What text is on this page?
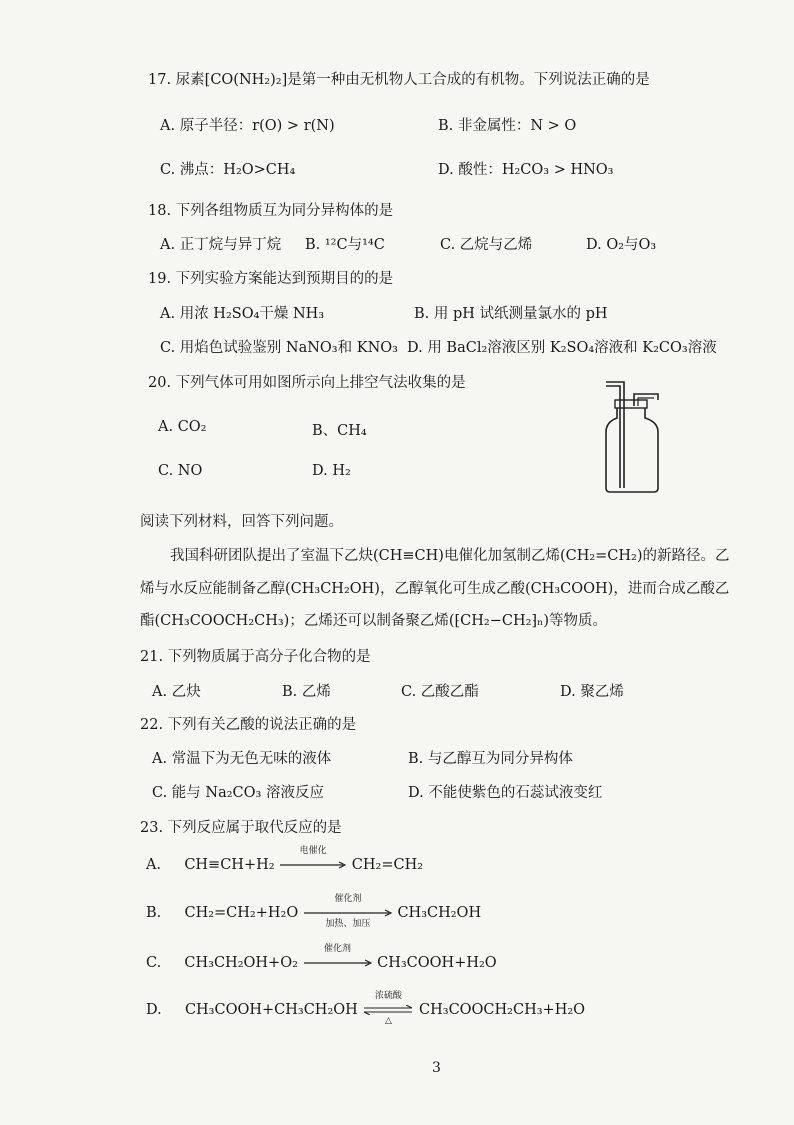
17. 尿素[CO(NH₂)₂]是第一种由无机物人工合成的有机物。下列说法正确的是
A. 原子半径：r(O) > r(N)	B. 非金属性：N > O
C. 沸点：H₂O>CH₄	D. 酸性：H₂CO₃ > HNO₃
18. 下列各组物质互为同分异构体的是
A. 正丁烷与异丁烷 B. ¹²C与¹⁴C	C. 乙烷与乙烯	D. O₂与O₃
19. 下列实验方案能达到预期目的的是
A. 用浓 H₂SO₄干燥 NH₃	B. 用 pH 试纸测量氯水的 pH
C. 用焰色试验鉴别 NaNO₃和 KNO₃ D. 用 BaCl₂溶液区别 K₂SO₄溶液和 K₂CO₃溶液
20. 下列气体可用如图所示向上排空气法收集的是
A. CO₂	B、CH₄
C. NO	D. H₂
阅读下列材料，回答下列问题。
我国科研团队提出了室温下乙炔(CH≡CH)电催化加氢制乙烯(CH₂=CH₂)的新路径。乙
烯与水反应能制备乙醇(CH₃CH₂OH)，乙醇氧化可生成乙酸(CH₃COOH)，进而合成乙酸乙
酯(CH₃COOCH₂CH₃)；乙烯还可以制备聚乙烯(⁅CH₂−CH₂⁆ₙ)等物质。
21. 下列物质属于高分子化合物的是
A. 乙炔	B. 乙烯	C. 乙酸乙酯	D. 聚乙烯
22. 下列有关乙酸的说法正确的是
A. 常温下为无色无味的液体	B. 与乙醇互为同分异构体
C. 能与 Na₂CO₃ 溶液反应	D. 不能使紫色的石蕊试液变红
23. 下列反应属于取代反应的是
A. CH≡CH+H₂
电催化
CH₂=CH₂
B. CH₂=CH₂+H₂O
催化剂
加热、加压
CH₃CH₂OH
C. CH₃CH₂OH+O₂
催化剂
CH₃COOH+H₂O
D. CH₃COOH+CH₃CH₂OH
浓硫酸
△
CH₃COOCH₂CH₃+H₂O
3
